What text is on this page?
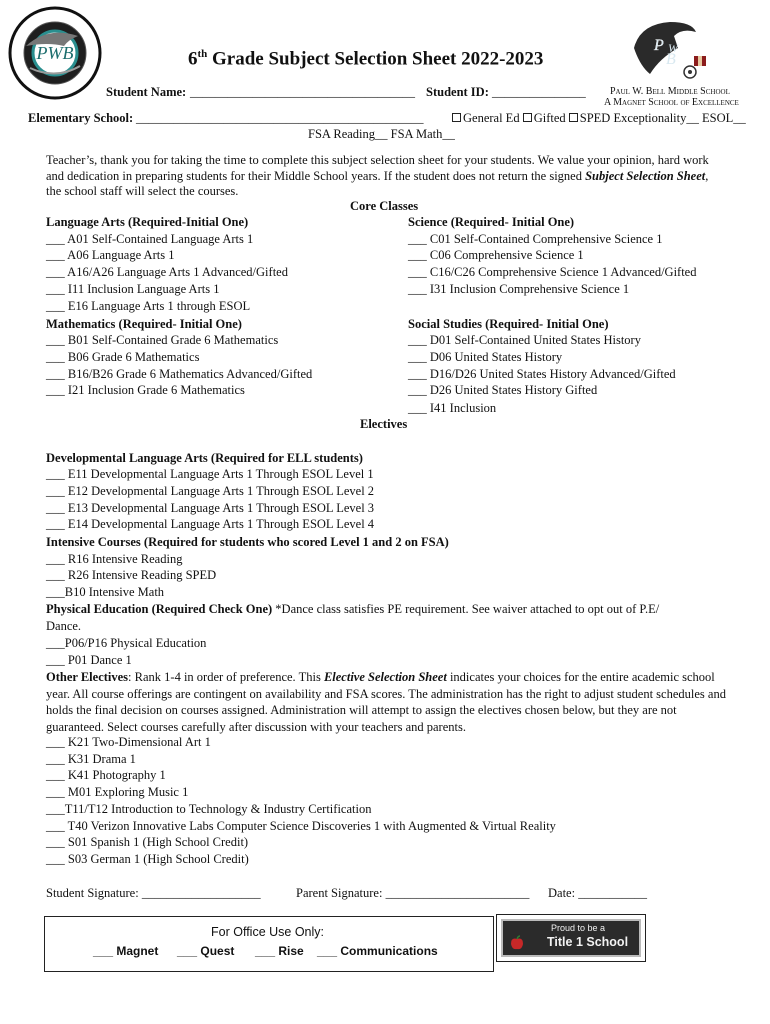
PWB	P
B
W
Paul W. Bell Middle School
A Magnet School of Excellence
6th Grade Subject Selection Sheet 2022-2023
Student Name: ____________________________________ Student ID: _______________
Elementary School: ______________________________________________	General Ed Gifted SPED Exceptionality__ ESOL__
FSA Reading__ FSA Math__
Teacher’s, thank you for taking the time to complete this subject selection sheet for your students. We value your opinion, hard work and dedication in preparing students for their Middle School years. If the student does not return the signed Subject Selection Sheet, the school staff will select the courses.
Core Classes
Language Arts (Required-Initial One)
___ A01 Self-Contained Language Arts 1
___ A06 Language Arts 1
___ A16/A26 Language Arts 1 Advanced/Gifted
___ I11 Inclusion Language Arts 1
___ E16 Language Arts 1 through ESOL
Mathematics (Required- Initial One)
___ B01 Self-Contained Grade 6 Mathematics
___ B06 Grade 6 Mathematics
___ B16/B26 Grade 6 Mathematics Advanced/Gifted
___ I21 Inclusion Grade 6 Mathematics
Science (Required- Initial One)
___ C01 Self-Contained Comprehensive Science 1
___ C06 Comprehensive Science 1
___ C16/C26 Comprehensive Science 1 Advanced/Gifted
___ I31 Inclusion Comprehensive Science 1
Social Studies (Required- Initial One)
___ D01 Self-Contained United States History
___ D06 United States History
___ D16/D26 United States History Advanced/Gifted
___ D26 United States History Gifted
___ I41 Inclusion
Electives
Developmental Language Arts (Required for ELL students)
___ E11 Developmental Language Arts 1 Through ESOL Level 1
___ E12 Developmental Language Arts 1 Through ESOL Level 2
___ E13 Developmental Language Arts 1 Through ESOL Level 3
___ E14 Developmental Language Arts 1 Through ESOL Level 4
Intensive Courses (Required for students who scored Level 1 and 2 on FSA)
___ R16 Intensive Reading
___ R26 Intensive Reading SPED
___B10 Intensive Math
Physical Education (Required Check One) *Dance class satisfies PE requirement. See waiver attached to opt out of P.E/
Dance.
___P06/P16 Physical Education
___ P01 Dance 1
Other Electives: Rank 1-4 in order of preference. This Elective Selection Sheet indicates your choices for the entire academic school year. All course offerings are contingent on availability and FSA scores. The administration has the right to adjust student schedules and holds the final decision on courses assigned. Administration will attempt to assign the electives chosen below, but they are not guaranteed. Select courses carefully after discussion with your teachers and parents.
___ K21 Two-Dimensional Art 1
___ K31 Drama 1
___ K41 Photography 1
___ M01 Exploring Music 1
___T11/T12 Introduction to Technology & Industry Certification
___ T40 Verizon Innovative Labs Computer Science Discoveries 1 with Augmented & Virtual Reality
___ S01 Spanish 1 (High School Credit)
___ S03 German 1 (High School Credit)
Student Signature: ___________________	Parent Signature: _______________________ Date: ___________
For Office Use Only:
___ Magnet ___ Quest ___ Rise ___ Communications
Proud to be a
Title 1 School
